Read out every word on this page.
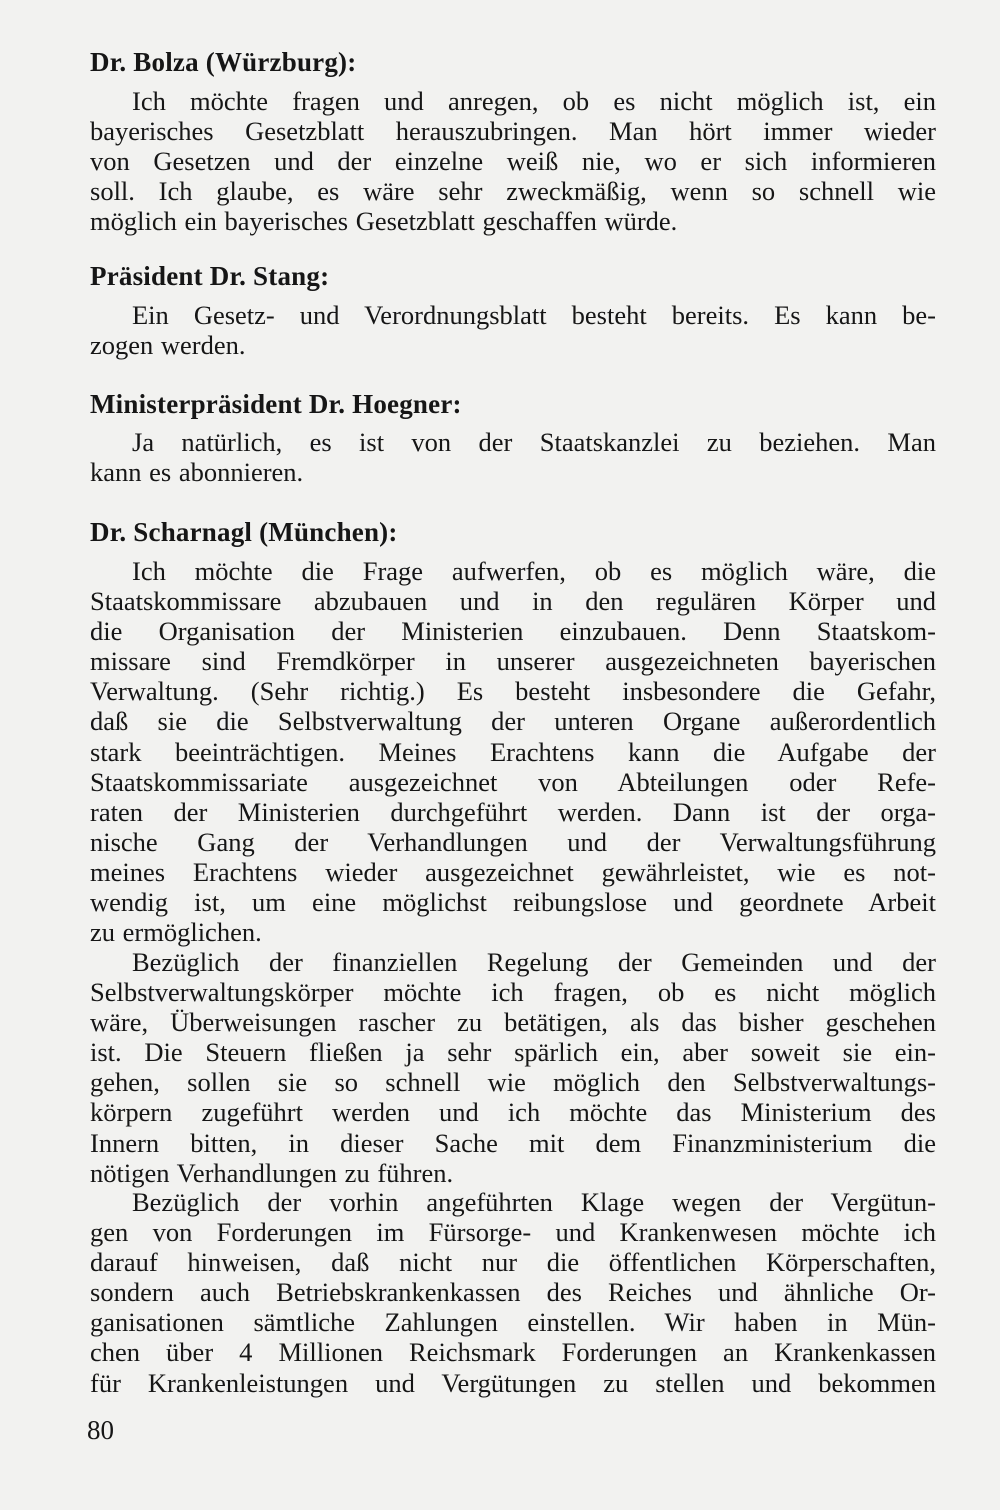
Dr. Bolza (Würzburg):
Ich möchte fragen und anregen, ob es nicht möglich ist, ein
bayerisches Gesetzblatt herauszubringen. Man hört immer wieder
von Gesetzen und der einzelne weiß nie, wo er sich informieren
soll. Ich glaube, es wäre sehr zweckmäßig, wenn so schnell wie
möglich ein bayerisches Gesetzblatt geschaffen würde.
Präsident Dr. Stang:
Ein Gesetz- und Verordnungsblatt besteht bereits. Es kann be-
zogen werden.
Ministerpräsident Dr. Hoegner:
Ja natürlich, es ist von der Staatskanzlei zu beziehen. Man
kann es abonnieren.
Dr. Scharnagl (München):
Ich möchte die Frage aufwerfen, ob es möglich wäre, die
Staatskommissare abzubauen und in den regulären Körper und
die Organisation der Ministerien einzubauen. Denn Staatskom-
missare sind Fremdkörper in unserer ausgezeichneten bayerischen
Verwaltung. (Sehr richtig.) Es besteht insbesondere die Gefahr,
daß sie die Selbstverwaltung der unteren Organe außerordentlich
stark beeinträchtigen. Meines Erachtens kann die Aufgabe der
Staatskommissariate ausgezeichnet von Abteilungen oder Refe-
raten der Ministerien durchgeführt werden. Dann ist der orga-
nische Gang der Verhandlungen und der Verwaltungsführung
meines Erachtens wieder ausgezeichnet gewährleistet, wie es not-
wendig ist, um eine möglichst reibungslose und geordnete Arbeit
zu ermöglichen.
Bezüglich der finanziellen Regelung der Gemeinden und der
Selbstverwaltungskörper möchte ich fragen, ob es nicht möglich
wäre, Überweisungen rascher zu betätigen, als das bisher geschehen
ist. Die Steuern fließen ja sehr spärlich ein, aber soweit sie ein-
gehen, sollen sie so schnell wie möglich den Selbstverwaltungs-
körpern zugeführt werden und ich möchte das Ministerium des
Innern bitten, in dieser Sache mit dem Finanzministerium die
nötigen Verhandlungen zu führen.
Bezüglich der vorhin angeführten Klage wegen der Vergütun-
gen von Forderungen im Fürsorge- und Krankenwesen möchte ich
darauf hinweisen, daß nicht nur die öffentlichen Körperschaften,
sondern auch Betriebskrankenkassen des Reiches und ähnliche Or-
ganisationen sämtliche Zahlungen einstellen. Wir haben in Mün-
chen über 4 Millionen Reichsmark Forderungen an Krankenkassen
für Krankenleistungen und Vergütungen zu stellen und bekommen
80
